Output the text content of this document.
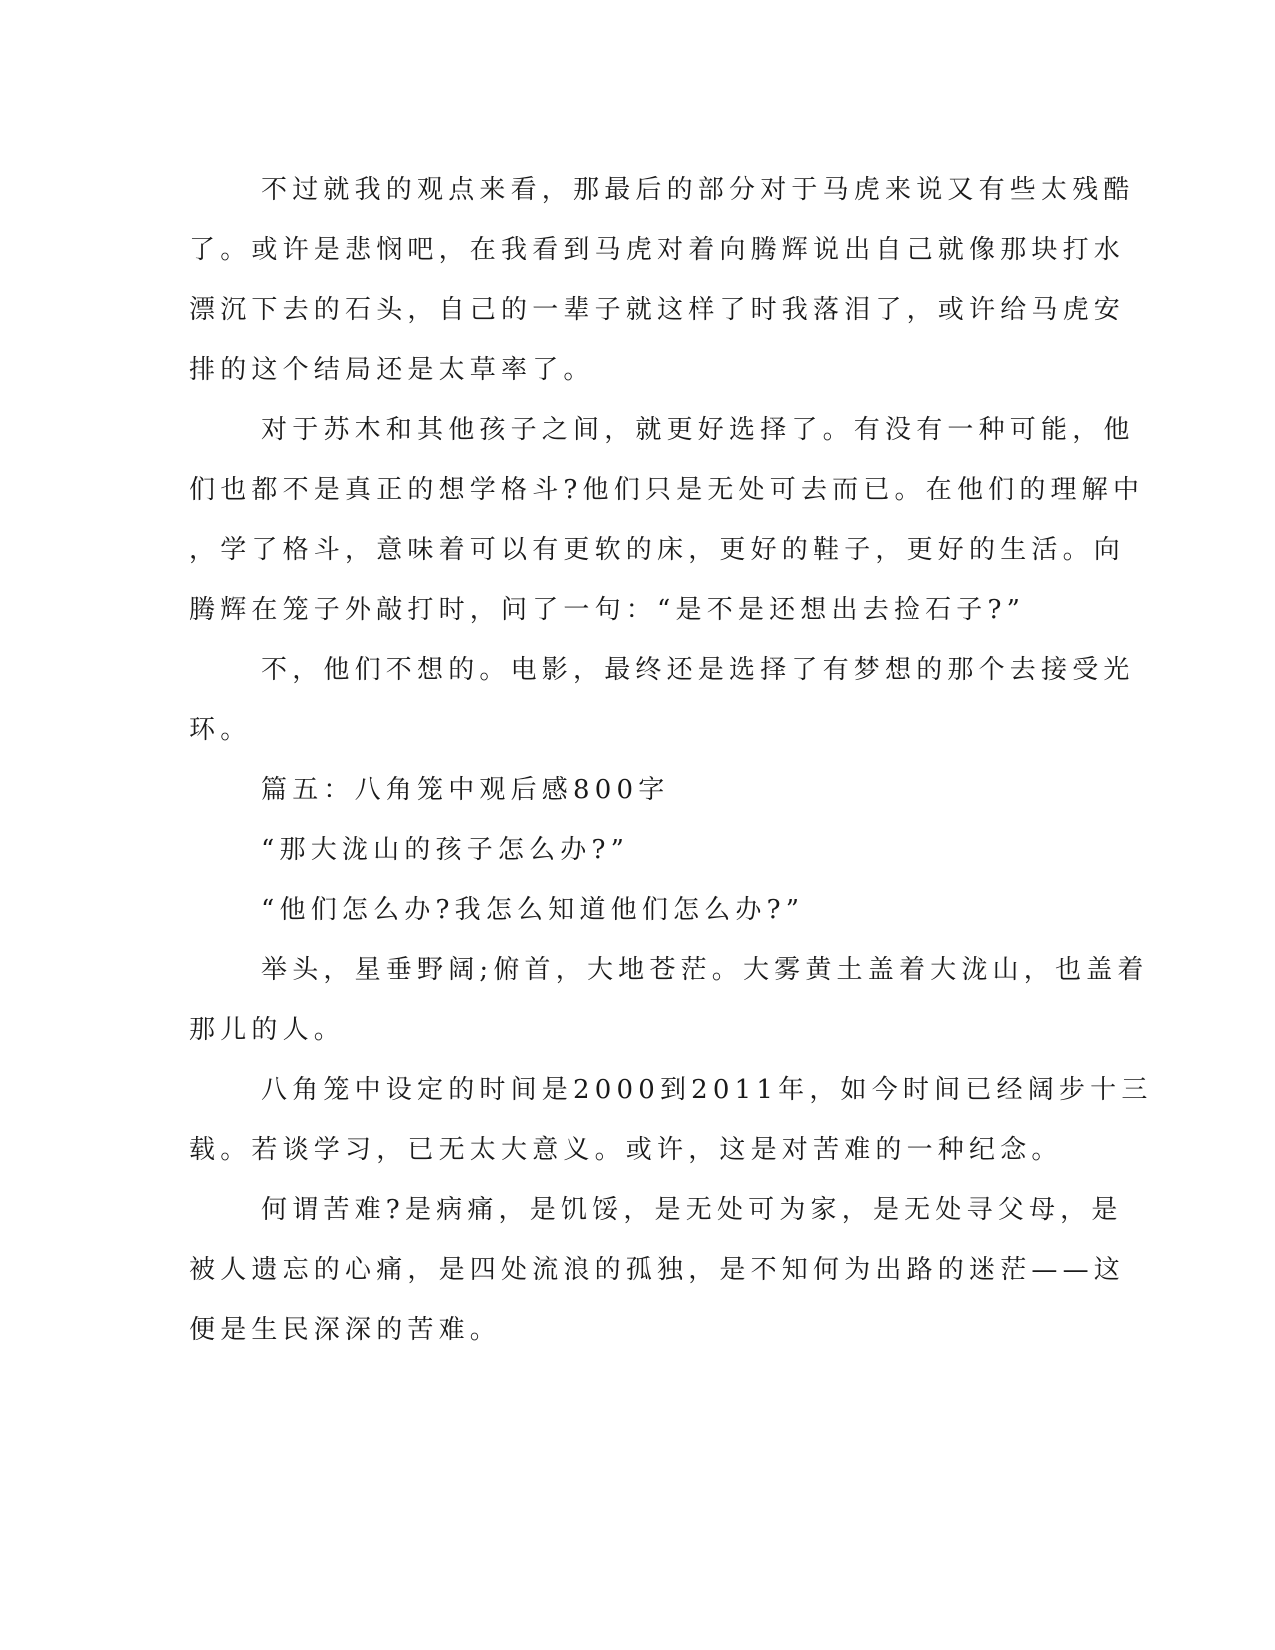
不过就我的观点来看，那最后的部分对于马虎来说又有些太残酷
了。或许是悲悯吧，在我看到马虎对着向腾辉说出自己就像那块打水
漂沉下去的石头，自己的一辈子就这样了时我落泪了，或许给马虎安
排的这个结局还是太草率了。
对于苏木和其他孩子之间，就更好选择了。有没有一种可能，他
们也都不是真正的想学格斗?他们只是无处可去而已。在他们的理解中
，学了格斗，意味着可以有更软的床，更好的鞋子，更好的生活。向
腾辉在笼子外敲打时，问了一句：“是不是还想出去捡石子?”
不，他们不想的。电影，最终还是选择了有梦想的那个去接受光
环。
篇五：八角笼中观后感800字
“那大泷山的孩子怎么办?”
“他们怎么办?我怎么知道他们怎么办?”
举头，星垂野阔;俯首，大地苍茫。大雾黄土盖着大泷山，也盖着
那儿的人。
八角笼中设定的时间是2000到2011年，如今时间已经阔步十三
载。若谈学习，已无太大意义。或许，这是对苦难的一种纪念。
何谓苦难?是病痛，是饥馁，是无处可为家，是无处寻父母，是
被人遗忘的心痛，是四处流浪的孤独，是不知何为出路的迷茫——这
便是生民深深的苦难。
